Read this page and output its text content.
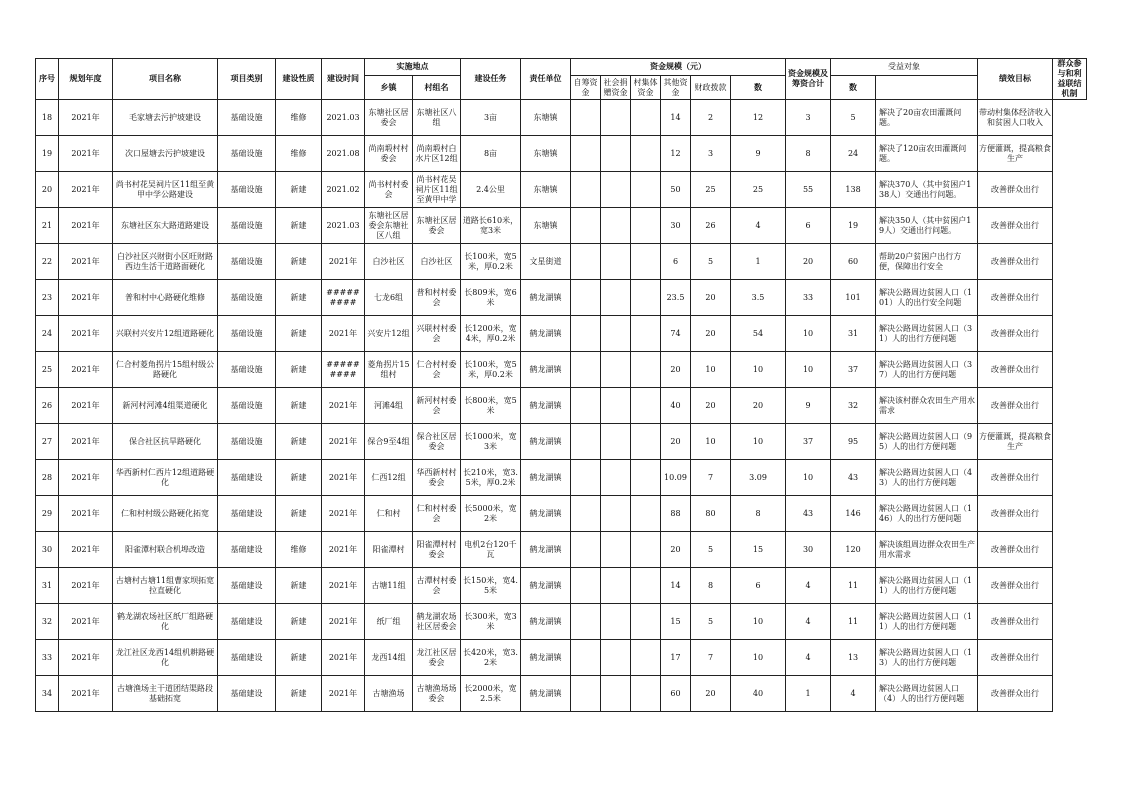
序号	规划年度	项目名称	项目类别	建设性质	建设时间	实施地点		建设任务	责任单位	资金规模（元）						资金规模及筹资合计	受益对象		绩效目标	群众参与和利益联结机制
						乡镇	村组名			自筹资金	社会捐赠资金	村集体资金	其他资金	财政拨款	数		数			
18	2021年	毛家塘去污护坡建设	基础设施	维修	2021.03	东塘社区居委会	东塘社区八组	3亩	东塘镇				14	2	12	3	5	解决了20亩农田灌溉问题。	带动村集体经济收入和贫困人口收入	
19	2021年	次口屋塘去污护坡建设	基础设施	维修	2021.08	尚南塅村村委会	尚南塅村白水片区12组	8亩	东塘镇				12	3	9	8	24	解决了120亩农田灌溉问题。	方便灌溉，提高粮食生产	
20	2021年	尚书村花吴祠片区11组至黄甲中学公路建设	基础设施	新建	2021.02	尚书村村委会	尚书村花吴祠片区11组至黄甲中学	2.4公里	东塘镇				50	25	25	55	138	解决370人（其中贫困户138人）交通出行问题。	改善群众出行	
21	2021年	东塘社区东大路道路建设	基础设施	新建	2021.03	东塘社区居委会东塘社区八组	东塘社区居委会	道路长610米，宽3米	东塘镇				30	26	4	6	19	解决350人（其中贫困户19人）交通出行问题。	改善群众出行	
22	2021年	白沙社区兴财街小区旺财路西边生活干道路面硬化	基础设施	新建	2021年	白沙社区	白沙社区	长100米，宽5米，厚0.2米	文星街道				6	5	1	20	60	帮助20户贫困户出行方便，保障出行安全	改善群众出行	
23	2021年	普和村中心路硬化维修	基础设施	新建	#########	七龙6组	普和村村委会	长809米，宽6米	鹤龙湖镇				23.5	20	3.5	33	101	解决公路周边贫困人口（101）人的出行安全问题	改善群众出行	
24	2021年	兴联村兴安片12组道路硬化	基础设施	新建	2021年	兴安片12组	兴联村村委会	长1200米，宽4米，厚0.2米	鹤龙湖镇				74	20	54	10	31	解决公路周边贫困人口（31）人的出行方便问题	改善群众出行	
25	2021年	仁合村菱角拐片15组村级公路硬化	基础设施	新建	#########	菱角拐片15组村	仁合村村委会	长100米，宽5米，厚0.2米	鹤龙湖镇				20	10	10	10	37	解决公路周边贫困人口（37）人的出行方便问题	改善群众出行	
26	2021年	新河村河滩4组渠道硬化	基础设施	新建	2021年	河滩4组	新河村村委会	长800米，宽5米	鹤龙湖镇				40	20	20	9	32	解决该村群众农田生产用水需求	改善群众出行	
27	2021年	保合社区抗旱路硬化	基础设施	新建	2021年	保合9至4组	保合社区居委会	长1000米，宽3米	鹤龙湖镇				20	10	10	37	95	解决公路周边贫困人口（95）人的出行方便问题	方便灌溉，提高粮食生产	
28	2021年	华西新村仁西片12组道路硬化	基础建设	新建	2021年	仁西12组	华西新村村委会	长210米，宽3.5米，厚0.2米	鹤龙湖镇				10.09	7	3.09	10	43	解决公路周边贫困人口（43）人的出行方便问题	改善群众出行	
29	2021年	仁和村村级公路硬化拓宽	基础建设	新建	2021年	仁和村	仁和村村委会	长5000米，宽2米	鹤龙湖镇				88	80	8	43	146	解决公路周边贫困人口（146）人的出行方便问题	改善群众出行	
30	2021年	阳雀潭村联合机埠改造	基础建设	维修	2021年	阳雀潭村	阳雀潭村村委会	电机2台120千瓦	鹤龙湖镇				20	5	15	30	120	解决该组周边群众农田生产用水需求	改善群众出行	
31	2021年	古塘村古塘11组曹家坝拓宽拉直硬化	基础建设	新建	2021年	古塘11组	古潭村村委会	长150米，宽4.5米	鹤龙湖镇				14	8	6	4	11	解决公路周边贫困人口（11）人的出行方便问题	改善群众出行	
32	2021年	鹤龙湖农场社区纸厂组路硬化	基础建设	新建	2021年	纸厂组	鹤龙湖农场社区居委会	长300米，宽3米	鹤龙湖镇				15	5	10	4	11	解决公路周边贫困人口（11）人的出行方便问题	改善群众出行	
33	2021年	龙江社区龙西14组机耕路硬化	基础建设	新建	2021年	龙西14组	龙江社区居委会	长420米，宽3.2米	鹤龙湖镇				17	7	10	4	13	解决公路周边贫困人口（13）人的出行方便问题	改善群众出行	
34	2021年	古塘渔场主干道团结渠路段基础拓宽	基础建设	新建	2021年	古塘渔场	古塘渔场场委会	长2000米，宽2.5米	鹤龙湖镇				60	20	40	1	4	解决公路周边贫困人口（4）人的出行方便问题	改善群众出行	
